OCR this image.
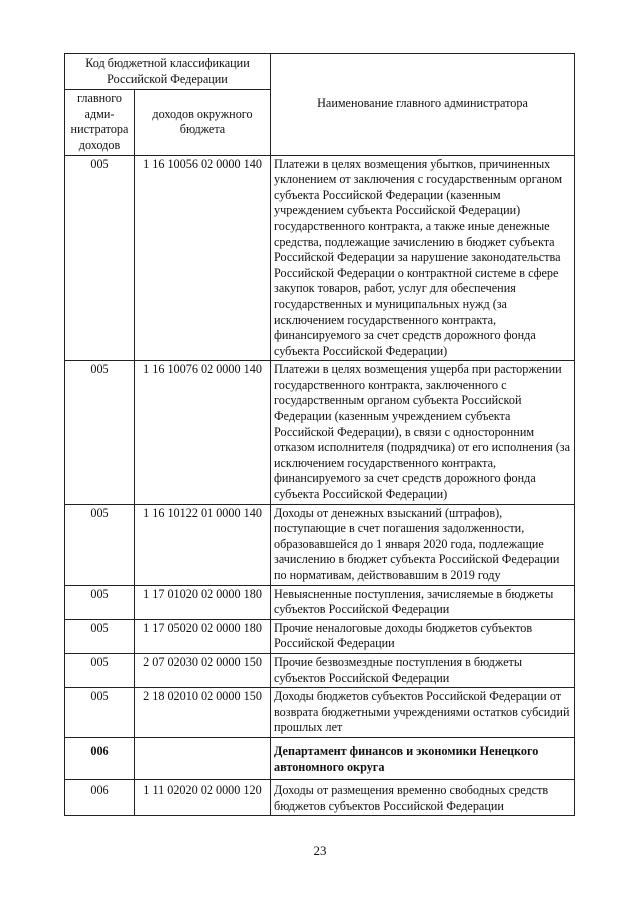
Код бюджетной классификации Российской Федерации		Наименование главного администратора
главного адми-нистратора доходов	доходов окружного бюджета	
005	1 16 10056 02 0000 140	Платежи в целях возмещения убытков, причиненных уклонением от заключения с государственным органом субъекта Российской Федерации (казенным учреждением субъекта Российской Федерации) государственного контракта, а также иные денежные средства, подлежащие зачислению в бюджет субъекта Российской Федерации за нарушение законодательства Российской Федерации о контрактной системе в сфере закупок товаров, работ, услуг для обеспечения государственных и муниципальных нужд (за исключением государственного контракта, финансируемого за счет средств дорожного фонда субъекта Российской Федерации)
005	1 16 10076 02 0000 140	Платежи в целях возмещения ущерба при расторжении государственного контракта, заключенного с государственным органом субъекта Российской Федерации (казенным учреждением субъекта Российской Федерации), в связи с односторонним отказом исполнителя (подрядчика) от его исполнения (за исключением государственного контракта, финансируемого за счет средств дорожного фонда субъекта Российской Федерации)
005	1 16 10122 01 0000 140	Доходы от денежных взысканий (штрафов), поступающие в счет погашения задолженности, образовавшейся до 1 января 2020 года, подлежащие зачислению в бюджет субъекта Российской Федерации по нормативам, действовавшим в 2019 году
005	1 17 01020 02 0000 180	Невыясненные поступления, зачисляемые в бюджеты субъектов Российской Федерации
005	1 17 05020 02 0000 180	Прочие неналоговые доходы бюджетов субъектов Российской Федерации
005	2 07 02030 02 0000 150	Прочие безвозмездные поступления в бюджеты субъектов Российской Федерации
005	2 18 02010 02 0000 150	Доходы бюджетов субъектов Российской Федерации от возврата бюджетными учреждениями остатков субсидий прошлых лет
006		Департамент финансов и экономики Ненецкого автономного округа
006	1 11 02020 02 0000 120	Доходы от размещения временно свободных средств бюджетов субъектов Российской Федерации
23
